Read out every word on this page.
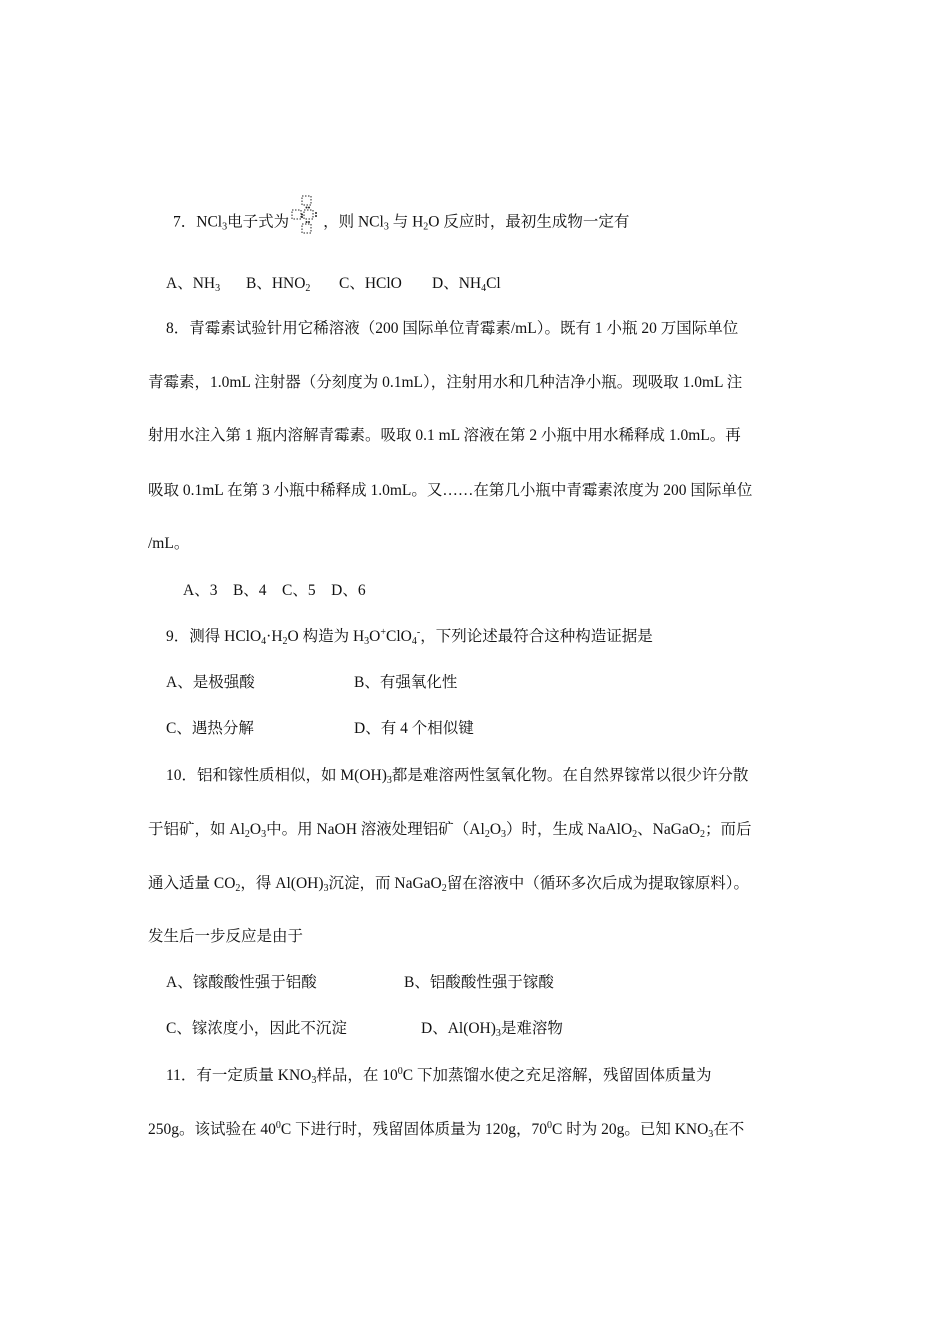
7．NCl$_3$电子式为 ，则 NCl$_3$ 与 $H_2O$ 反应时，最初生成物一定有
A、$NH_3$ B、$HNO_2$ C、HClO D、$NH_4Cl$
8．青霉素试验针用它稀溶液（200 国际单位青霉素/mL）。既有 1 小瓶 20 万国际单位
青霉素，1.0mL 注射器（分刻度为 0.1mL），注射用水和几种洁净小瓶。现吸取 1.0mL 注
射用水注入第 1 瓶内溶解青霉素。吸取 0.1 mL 溶液在第 2 小瓶中用水稀释成 1.0mL。再
吸取 0.1mL 在第 3 小瓶中稀释成 1.0mL。又……在第几小瓶中青霉素浓度为 200 国际单位
/mL。
A、3　B、4　C、5　D、6
9．测得 $HClO_4\cdot H_2O$ 构造为 $H_3O^+ClO_4^-$，下列论述最符合这种构造证据是
A、是极强酸	B、有强氧化性
C、遇热分解	D、有 4 个相似键
10．铝和镓性质相似，如 $M(OH)_3$都是难溶两性氢氧化物。在自然界镓常以很少许分散
于铝矿，如 $Al_2O_3$中。用 NaOH 溶液处理铝矿$(Al_2O_3)$时，生成 NaAlO$_2$、NaGaO$_2$；而后
通入适量 $CO_2$，得 $Al(OH)_3$沉淀，而 NaGaO$_2$留在溶液中（循环多次后成为提取镓原料）。
发生后一步反应是由于
A、镓酸酸性强于铝酸	B、铝酸酸性强于镓酸
C、镓浓度小，因此不沉淀	D、$Al(OH)_3$是难溶物
11．有一定质量 $KNO_3$样品，在 $10^0C$ 下加蒸馏水使之充足溶解，残留固体质量为
250g。该试验在 $40^0C$ 下进行时，残留固体质量为 120g，$70^0C$ 时为 20g。已知 $KNO_3$在不
